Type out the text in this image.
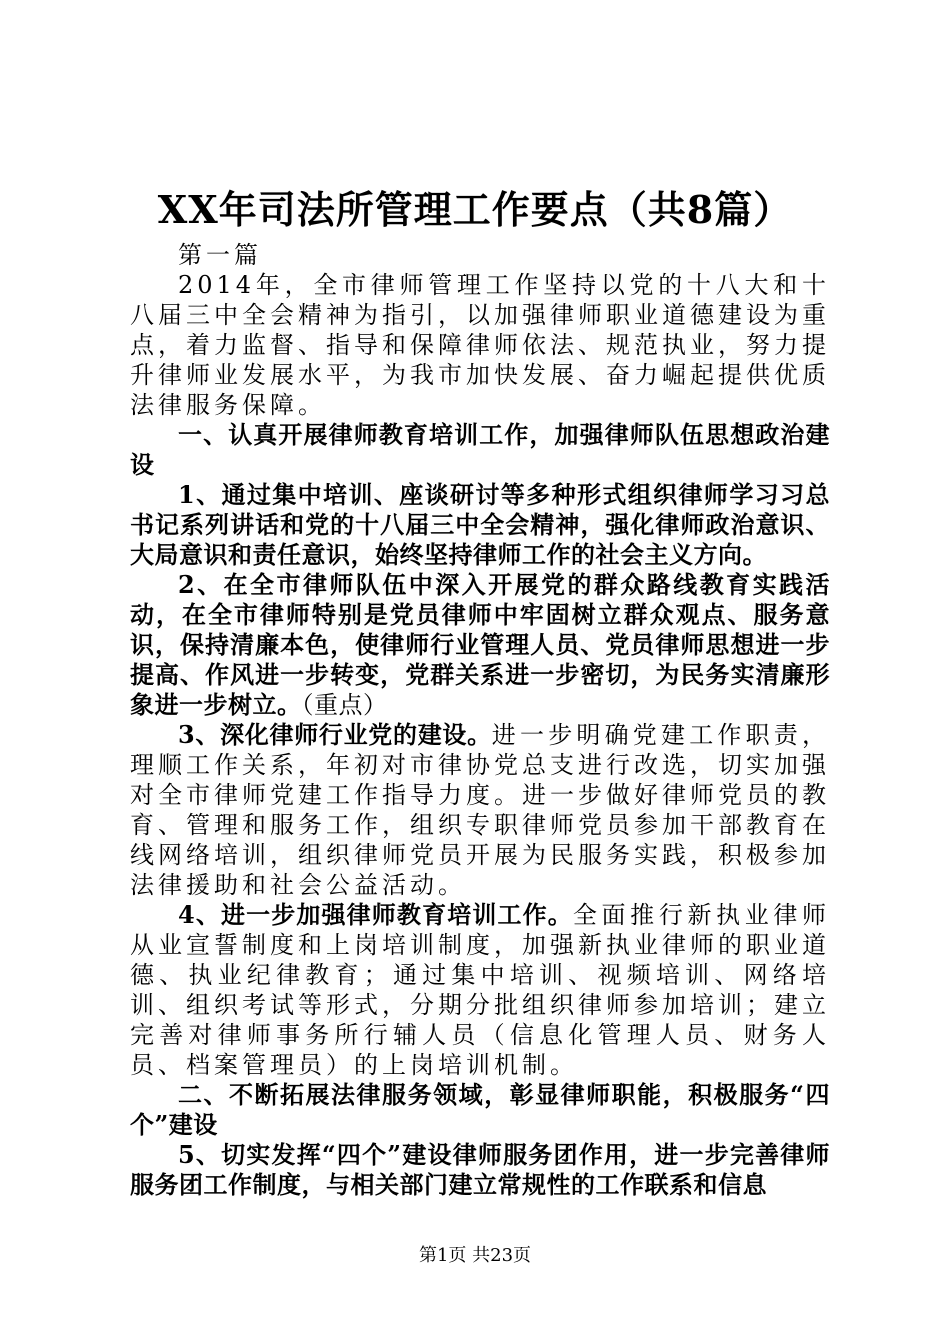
XX年司法所管理工作要点（共8篇）

第一篇

2014年，全市律师管理工作坚持以党的十八大和十八届三中全会精神为指引，以加强律师职业道德建设为重点，着力监督、指导和保障律师依法、规范执业，努力提升律师业发展水平，为我市加快发展、奋力崛起提供优质法律服务保障。

一、认真开展律师教育培训工作，加强律师队伍思想政治建设

1、通过集中培训、座谈研讨等多种形式组织律师学习习总书记系列讲话和党的十八届三中全会精神，强化律师政治意识、大局意识和责任意识，始终坚持律师工作的社会主义方向。

2、在全市律师队伍中深入开展党的群众路线教育实践活动，在全市律师特别是党员律师中牢固树立群众观点、服务意识，保持清廉本色，使律师行业管理人员、党员律师思想进一步提高、作风进一步转变，党群关系进一步密切，为民务实清廉形象进一步树立。（重点）

3、深化律师行业党的建设。进一步明确党建工作职责，理顺工作关系，年初对市律协党总支进行改选，切实加强对全市律师党建工作指导力度。进一步做好律师党员的教育、管理和服务工作，组织专职律师党员参加干部教育在线网络培训，组织律师党员开展为民服务实践，积极参加法律援助和社会公益活动。

4、进一步加强律师教育培训工作。全面推行新执业律师从业宣誓制度和上岗培训制度，加强新执业律师的职业道德、执业纪律教育；通过集中培训、视频培训、网络培训、组织考试等形式，分期分批组织律师参加培训；建立完善对律师事务所行辅人员（信息化管理人员、财务人员、档案管理员）的上岗培训机制。

二、不断拓展法律服务领域，彰显律师职能，积极服务“四个”建设

5、切实发挥“四个”建设律师服务团作用，进一步完善律师服务团工作制度，与相关部门建立常规性的工作联系和信息

第1页 共23页
